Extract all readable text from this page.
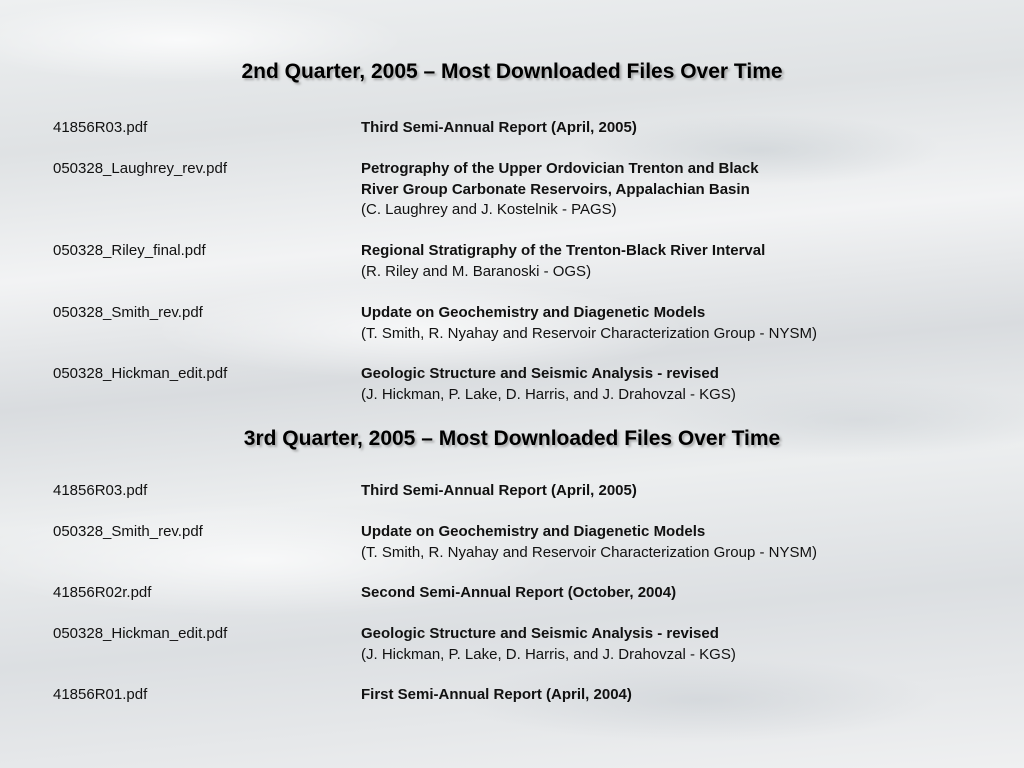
2nd Quarter, 2005 – Most Downloaded Files Over Time
41856R03.pdf	Third Semi-Annual Report (April, 2005)
050328_Laughrey_rev.pdf	Petrography of the Upper Ordovician Trenton and Black
River Group Carbonate Reservoirs, Appalachian Basin
(C. Laughrey and J. Kostelnik - PAGS)
050328_Riley_final.pdf	Regional Stratigraphy of the Trenton-Black River Interval
(R. Riley and M. Baranoski - OGS)
050328_Smith_rev.pdf	Update on Geochemistry and Diagenetic Models
(T. Smith, R. Nyahay and Reservoir Characterization Group - NYSM)
050328_Hickman_edit.pdf	Geologic Structure and Seismic Analysis - revised
(J. Hickman, P. Lake, D. Harris, and J. Drahovzal - KGS)
3rd Quarter, 2005 – Most Downloaded Files Over Time
41856R03.pdf	Third Semi-Annual Report (April, 2005)
050328_Smith_rev.pdf	Update on Geochemistry and Diagenetic Models
(T. Smith, R. Nyahay and Reservoir Characterization Group - NYSM)
41856R02r.pdf	Second Semi-Annual Report (October, 2004)
050328_Hickman_edit.pdf	Geologic Structure and Seismic Analysis - revised
(J. Hickman, P. Lake, D. Harris, and J. Drahovzal - KGS)
41856R01.pdf	First Semi-Annual Report (April, 2004)
